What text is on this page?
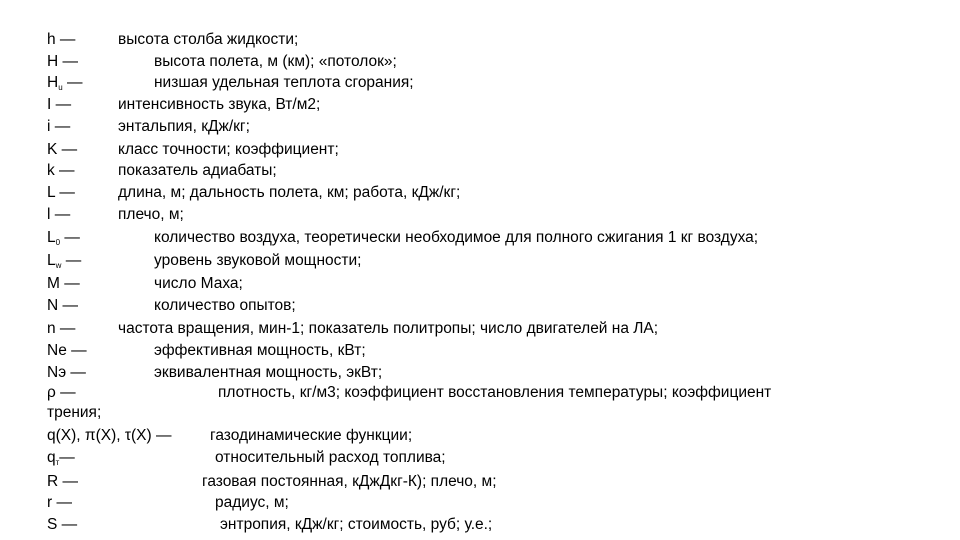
h —	высота столба жидкости;
H —	высота полета, м (км); «потолок»;
$H_u$ —	низшая удельная теплота сгорания;
I —	интенсивность звука, Вт/м2;
i —	энтальпия, кДж/кг;
K —	класс точности; коэффициент;
k —	показатель адиабаты;
L —	длина, м; дальность полета, км; работа, кДж/кг;
l —	плечо, м;
$L_0$ —	количество воздуха, теоретически необходимое для полного сжигания 1 кг воздуха;
$L_w$ —	уровень звуковой мощности;
M —	число Маха;
N —	количество опытов;
n —	частота вращения, мин-1; показатель политропы; число двигателей на ЛА;
Ne —	эффективная мощность, кВт;
Nэ —	эквивалентная мощность, экВт;
ρ —	плотность, кг/м3; коэффициент восстановления температуры; коэффициент
трения;
q(X), π(X), τ(X) — газодинамические функции;
$q_т—$	относительный расход топлива;
R —	газовая постоянная, кДжДкг-К); плечо, м;
r —	радиус, м;
S —	энтропия, кДж/кг; стоимость, руб; у.е.;
